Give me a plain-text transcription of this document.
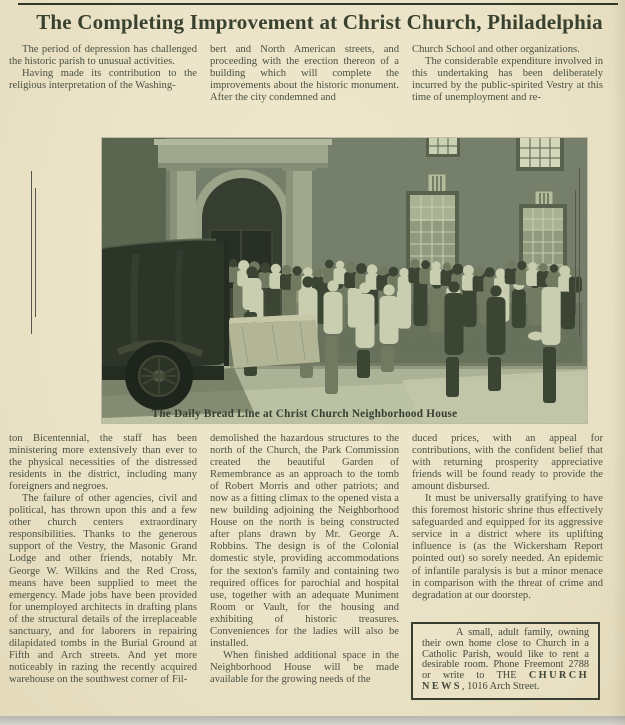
The Completing Improvement at Christ Church, Philadelphia

The period of depression has challenged the historic parish to unusual activities.

Having made its contribution to the religious interpretation of the Washing-

bert and North American streets, and proceeding with the erection thereon of a building which will complete the improvements about the historic monument. After the city condemned and

Church School and other organizations.

The considerable expenditure involved in this undertaking has been deliberately incurred by the public-spirited Vestry at this time of unemployment and re-

The Daily Bread Line at Christ Church Neighborhood House

ton Bicentennial, the staff has been ministering more extensively than ever to the physical necessities of the distressed residents in the district, including many foreigners and negroes.

The failure of other agencies, civil and political, has thrown upon this and a few other church centers extraordinary responsibilities. Thanks to the generous support of the Vestry, the Masonic Grand Lodge and other friends, notably Mr. George W. Wilkins and the Red Cross, means have been supplied to meet the emergency. Made jobs have been provided for unemployed architects in drafting plans of the structural details of the irreplaceable sanctuary, and for laborers in repairing dilapidated tombs in the Burial Ground at Fifth and Arch streets. And yet more noticeably in razing the recently acquired warehouse on the southwest corner of Fil-

demolished the hazardous structures to the north of the Church, the Park Commission created the beautiful Garden of Remembrance as an approach to the tomb of Robert Morris and other patriots; and now as a fitting climax to the opened vista a new building adjoining the Neighborhood House on the north is being constructed after plans drawn by Mr. George A. Robbins. The design is of the Colonial domestic style, providing accommodations for the sexton's family and containing two required offices for parochial and hospital use, together with an adequate Muniment Room or Vault, for the housing and exhibiting of historic treasures. Conveniences for the ladies will also be installed.

When finished additional space in the Neighborhood House will be made available for the growing needs of the

duced prices, with an appeal for contributions, with the confident belief that with returning prosperity appreciative friends will be found ready to provide the amount disbursed.

It must be universally gratifying to have this foremost historic shrine thus effectively safeguarded and equipped for its aggressive service in a district where its uplifting influence is (as the Wickersham Report pointed out) so sorely needed. An epidemic of infantile paralysis is but a minor menace in comparison with the threat of crime and degradation at our doorstep.

A small, adult family, owning their own home close to Church in a Catholic Parish, would like to rent a desirable room. Phone Freemont 2788 or write to THE CHURCH NEWS, 1016 Arch Street.
